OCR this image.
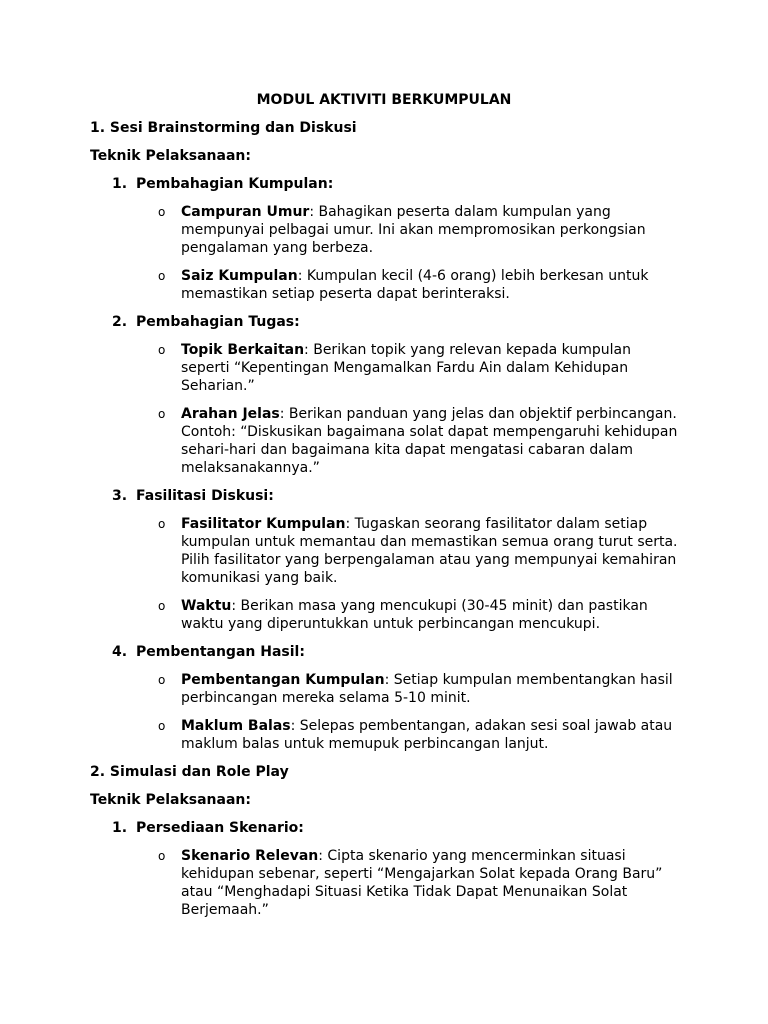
MODUL AKTIVITI BERKUMPULAN
1. Sesi Brainstorming dan Diskusi
Teknik Pelaksanaan:
1. Pembahagian Kumpulan:
o Campuran Umur: Bahagikan peserta dalam kumpulan yang mempunyai pelbagai umur. Ini akan mempromosikan perkongsian pengalaman yang berbeza.
o Saiz Kumpulan: Kumpulan kecil (4-6 orang) lebih berkesan untuk memastikan setiap peserta dapat berinteraksi.
2. Pembahagian Tugas:
o Topik Berkaitan: Berikan topik yang relevan kepada kumpulan seperti “Kepentingan Mengamalkan Fardu Ain dalam Kehidupan Seharian.”
o Arahan Jelas: Berikan panduan yang jelas dan objektif perbincangan. Contoh: “Diskusikan bagaimana solat dapat mempengaruhi kehidupan sehari-hari dan bagaimana kita dapat mengatasi cabaran dalam melaksanakannya.”
3. Fasilitasi Diskusi:
o Fasilitator Kumpulan: Tugaskan seorang fasilitator dalam setiap kumpulan untuk memantau dan memastikan semua orang turut serta. Pilih fasilitator yang berpengalaman atau yang mempunyai kemahiran komunikasi yang baik.
o Waktu: Berikan masa yang mencukupi (30-45 minit) dan pastikan waktu yang diperuntukkan untuk perbincangan mencukupi.
4. Pembentangan Hasil:
o Pembentangan Kumpulan: Setiap kumpulan membentangkan hasil perbincangan mereka selama 5-10 minit.
o Maklum Balas: Selepas pembentangan, adakan sesi soal jawab atau maklum balas untuk memupuk perbincangan lanjut.
2. Simulasi dan Role Play
Teknik Pelaksanaan:
1. Persediaan Skenario:
o Skenario Relevan: Cipta skenario yang mencerminkan situasi kehidupan sebenar, seperti “Mengajarkan Solat kepada Orang Baru” atau “Menghadapi Situasi Ketika Tidak Dapat Menunaikan Solat Berjemaah.”
